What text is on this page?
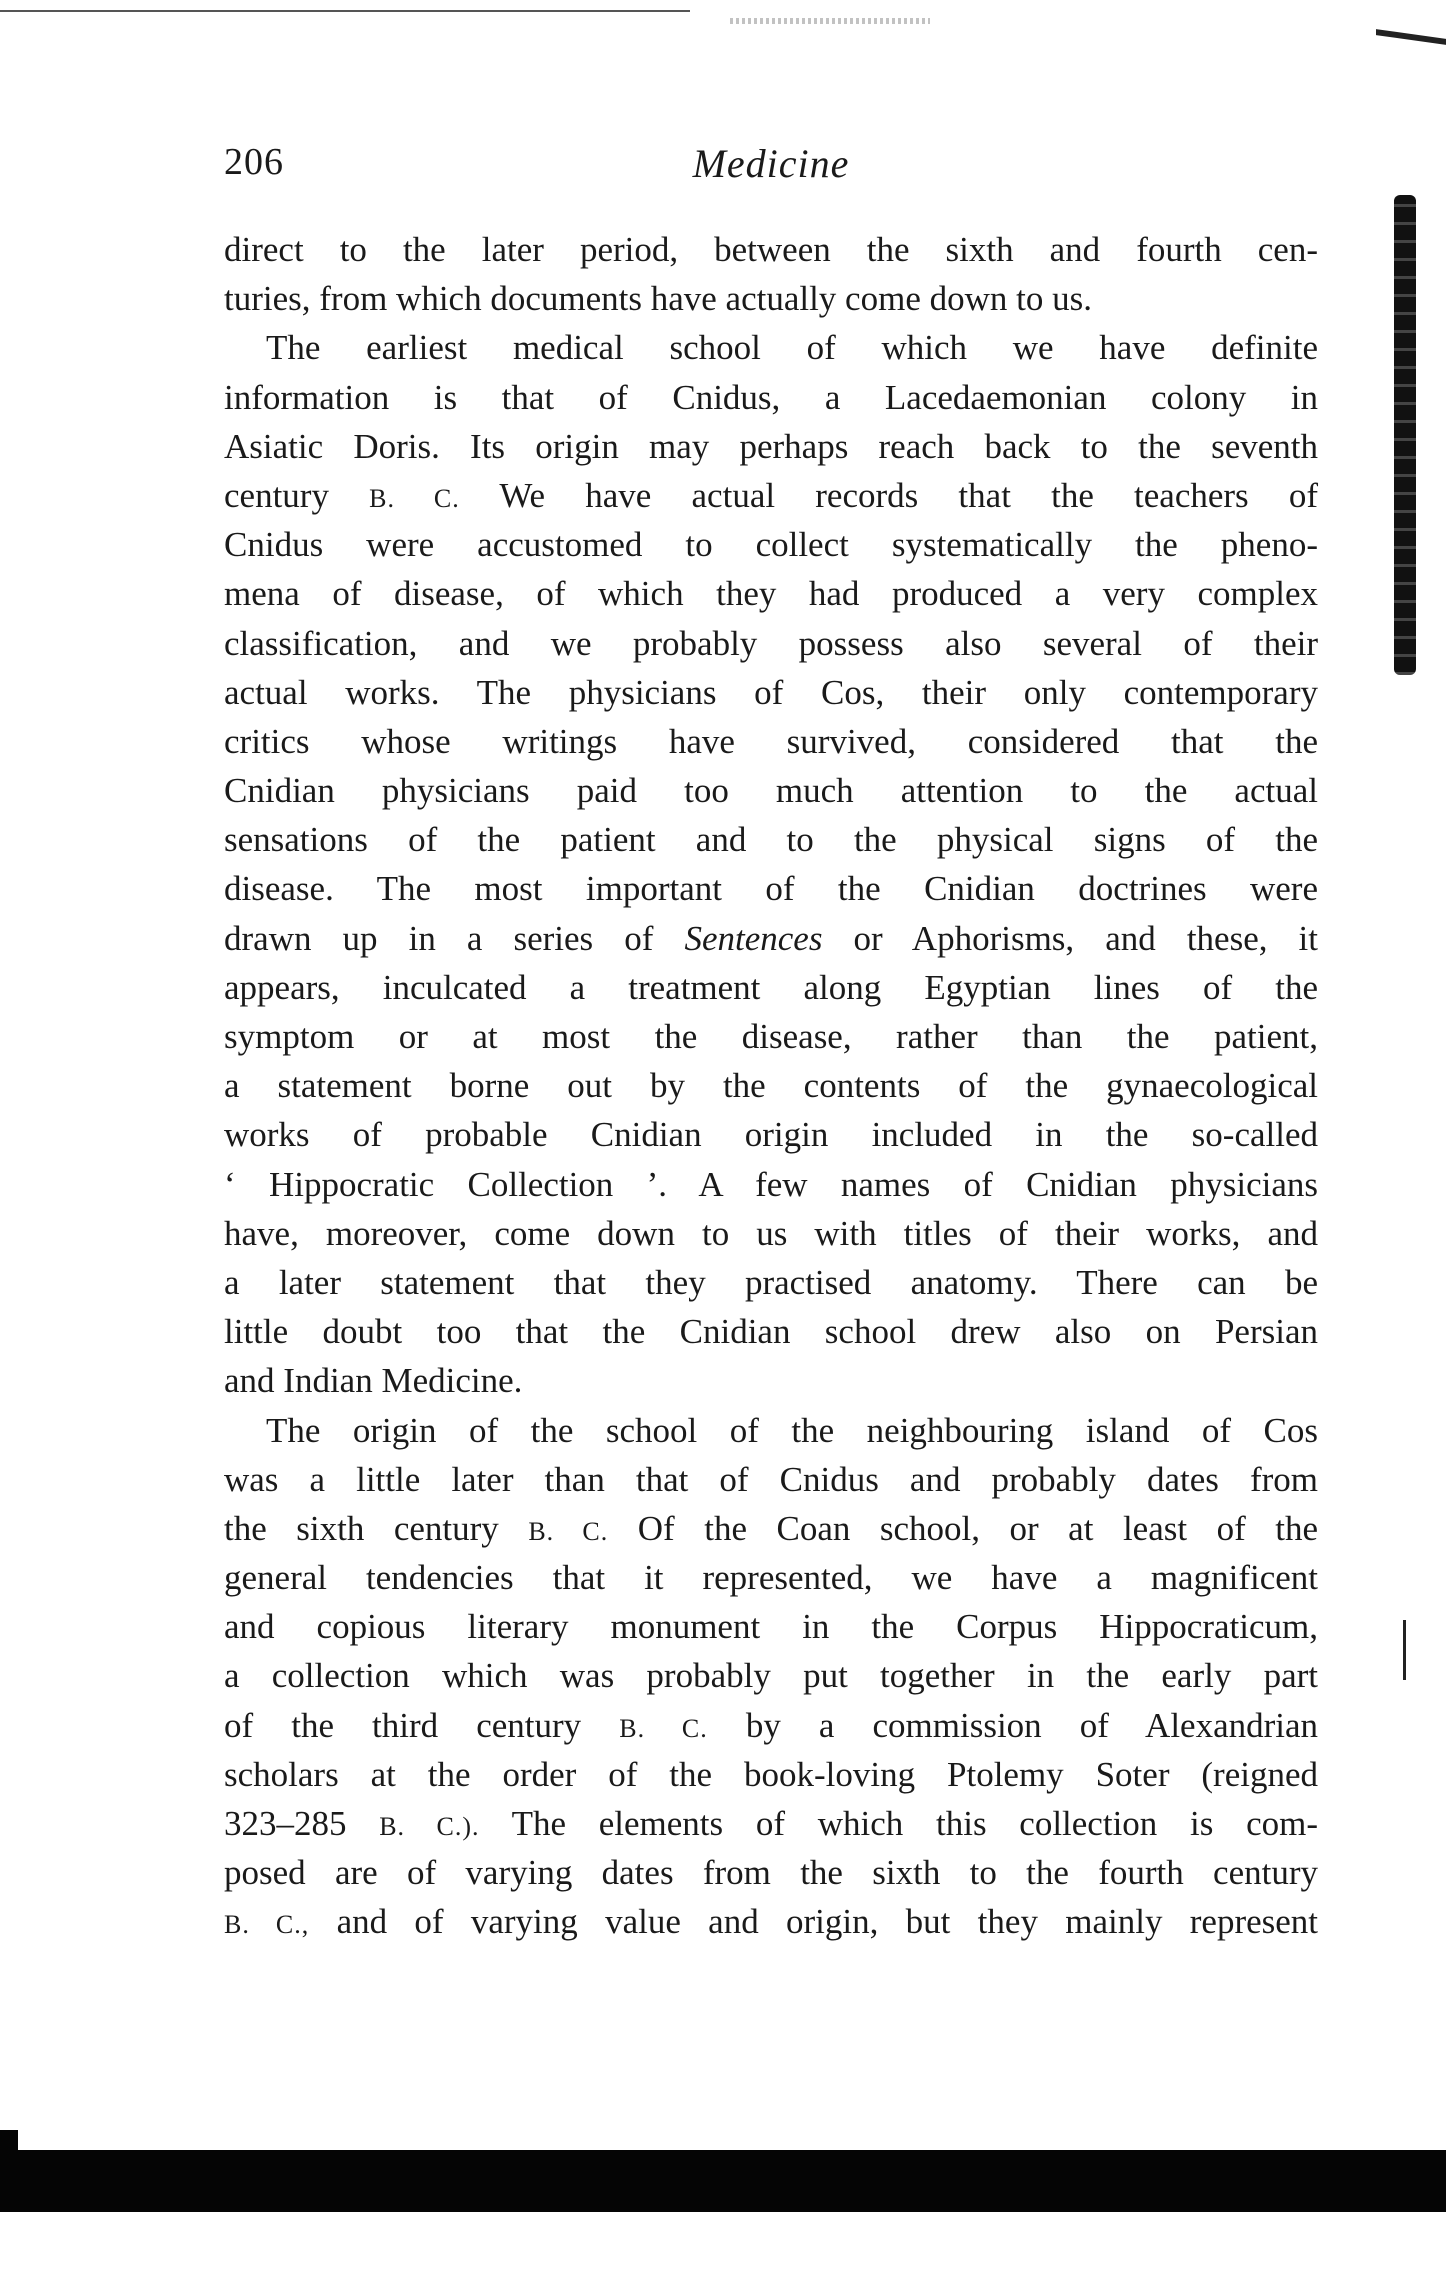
206	Medicine
direct to the later period, between the sixth and fourth cen-
turies, from which documents have actually come down to us.
The earliest medical school of which we have definite
information is that of Cnidus, a Lacedaemonian colony in
Asiatic Doris. Its origin may perhaps reach back to the seventh
century B. C. We have actual records that the teachers of
Cnidus were accustomed to collect systematically the pheno-
mena of disease, of which they had produced a very complex
classification, and we probably possess also several of their
actual works. The physicians of Cos, their only contemporary
critics whose writings have survived, considered that the
Cnidian physicians paid too much attention to the actual
sensations of the patient and to the physical signs of the
disease. The most important of the Cnidian doctrines were
drawn up in a series of Sentences or Aphorisms, and these, it
appears, inculcated a treatment along Egyptian lines of the
symptom or at most the disease, rather than the patient,
a statement borne out by the contents of the gynaecological
works of probable Cnidian origin included in the so-called
‘ Hippocratic Collection ’. A few names of Cnidian physicians
have, moreover, come down to us with titles of their works, and
a later statement that they practised anatomy. There can be
little doubt too that the Cnidian school drew also on Persian
and Indian Medicine.
The origin of the school of the neighbouring island of Cos
was a little later than that of Cnidus and probably dates from
the sixth century B. C. Of the Coan school, or at least of the
general tendencies that it represented, we have a magnificent
and copious literary monument in the Corpus Hippocraticum,
a collection which was probably put together in the early part
of the third century B. C. by a commission of Alexandrian
scholars at the order of the book-loving Ptolemy Soter (reigned
323–285 B. C.). The elements of which this collection is com-
posed are of varying dates from the sixth to the fourth century
B. C., and of varying value and origin, but they mainly represent
